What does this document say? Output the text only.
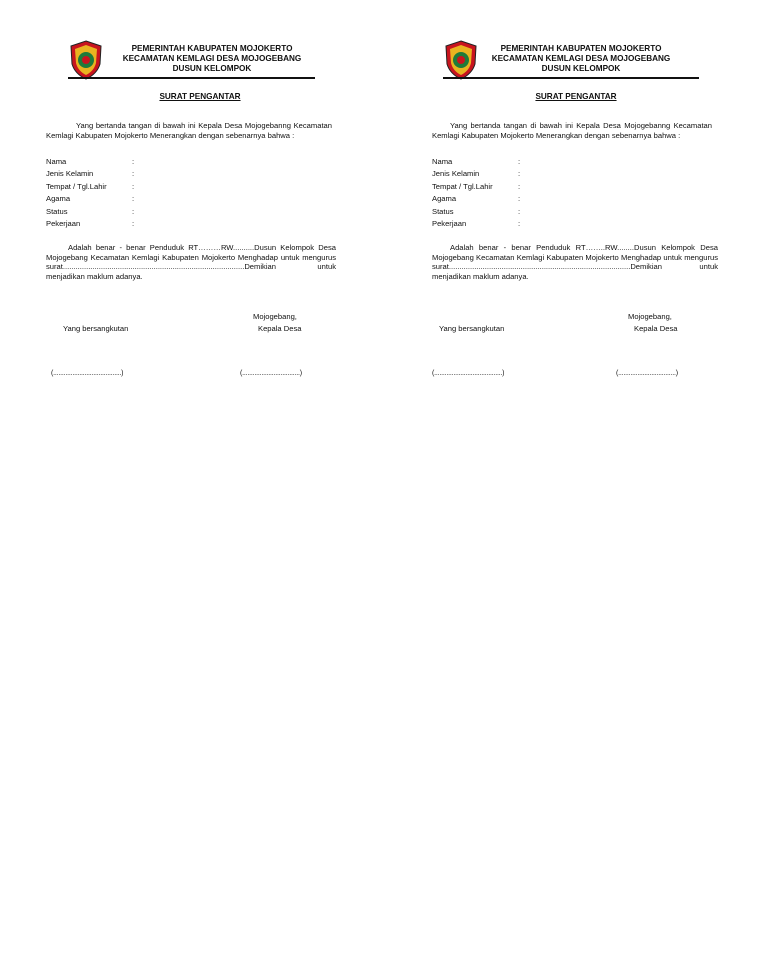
PEMERINTAH KABUPATEN MOJOKERTO
KECAMATAN KEMLAGI DESA MOJOGEBANG
DUSUN KELOMPOK
SURAT PENGANTAR
Yang bertanda tangan di bawah ini Kepala Desa Mojogebanng Kecamatan Kemlagi Kabupaten Mojokerto Menerangkan dengan sebenarnya bahwa :
Nama	:
Jenis Kelamin	:
Tempat / Tgl.Lahir	:
Agama	:
Status	:
Pekerjaan	:
Adalah benar - benar Penduduk RT………RW..........Dusun Kelompok Desa Mojogebang Kecamatan Kemlagi Kabupaten Mojokerto Menghadap untuk mengurus surat......................................................................................Demikian untuk menjadikan maklum adanya.
Mojogebang,
Yang bersangkutan	Kepala Desa
(.......................................)	(.................................)
PEMERINTAH KABUPATEN MOJOKERTO
KECAMATAN KEMLAGI DESA MOJOGEBANG
DUSUN KELOMPOK
SURAT PENGANTAR
Yang bertanda tangan di bawah ini Kepala Desa Mojogebanng Kecamatan Kemlagi Kabupaten Mojokerto Menerangkan dengan sebenarnya bahwa :
Nama	:
Jenis Kelamin	:
Tempat / Tgl.Lahir	:
Agama	:
Status	:
Pekerjaan	:
Adalah benar - benar Penduduk RT……..RW........Dusun Kelompok Desa Mojogebang Kecamatan Kemlagi Kabupaten Mojokerto Menghadap untuk mengurus surat......................................................................................Demikian untuk menjadikan maklum adanya.
Mojogebang,
Yang bersangkutan	Kepala Desa
(.......................................)	(.................................)
